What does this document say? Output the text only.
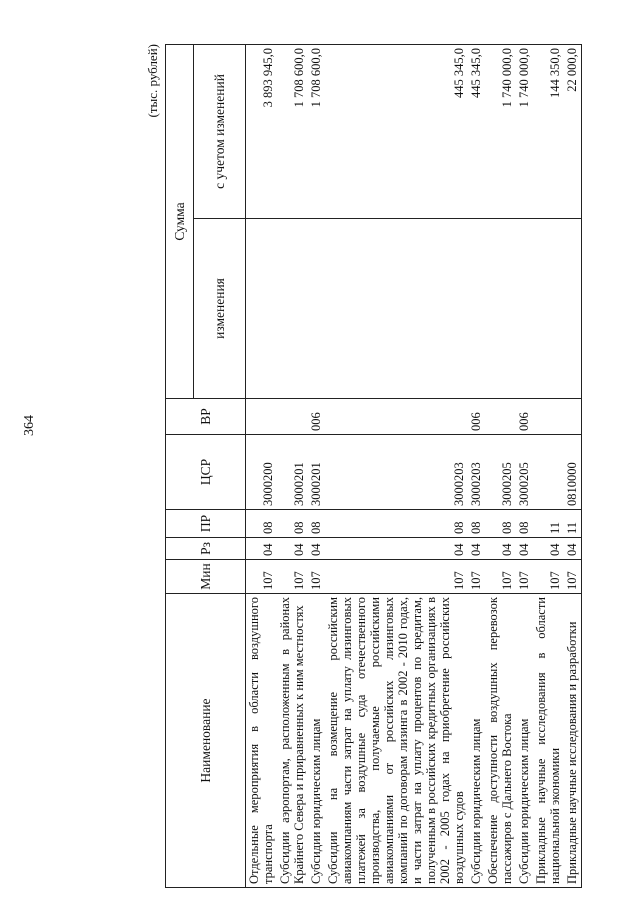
364
(тыс. рублей)
Наименование	Мин	Рз	ПР	ЦСР	ВР	Сумма	
						изменения	с учетом изменений
Отдельные мероприятия в области воздушного транспорта	107	04	08	3000200			3 893 945,0
Субсидии аэропортам, расположенным в районах Крайнего Севера и приравненных к ним местностях	107	04	08	3000201			1 708 600,0
Субсидии юридическим лицам	107	04	08	3000201	006		1 708 600,0
Субсидии на возмещение российским авиакомпаниям части затрат на уплату лизинговых платежей за воздушные суда отечественного производства, получаемые российскими авиакомпаниями от российских лизинговых компаний по договорам лизинга в 2002 - 2010 годах, и части затрат на уплату процентов по кредитам, полученным в российских кредитных организациях в 2002 - 2005 годах на приобретение российских воздушных судов	107	04	08	3000203			445 345,0
Субсидии юридическим лицам	107	04	08	3000203	006		445 345,0
Обеспечение доступности воздушных перевозок пассажиров с Дальнего Востока	107	04	08	3000205			1 740 000,0
Субсидии юридическим лицам	107	04	08	3000205	006		1 740 000,0
Прикладные научные исследования в области национальной экономики	107	04	11				144 350,0
Прикладные научные исследования и разработки	107	04	11	0810000			22 000,0
